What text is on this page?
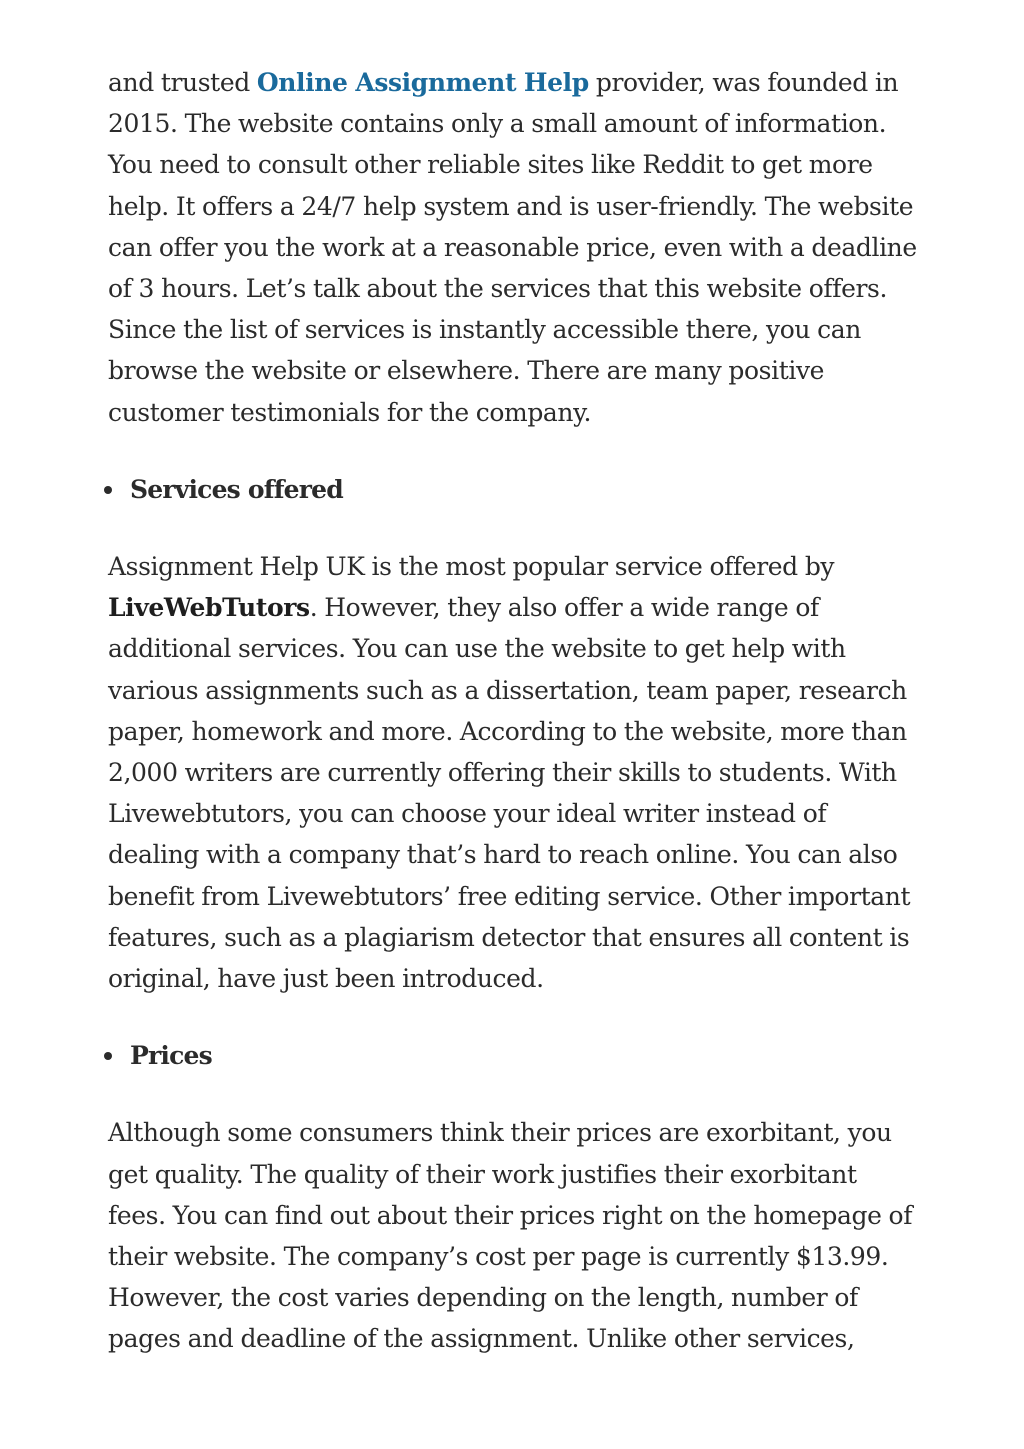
and trusted Online Assignment Help provider, was founded in 2015. The website contains only a small amount of information. You need to consult other reliable sites like Reddit to get more help. It offers a 24/7 help system and is user-friendly. The website can offer you the work at a reasonable price, even with a deadline of 3 hours. Let’s talk about the services that this website offers. Since the list of services is instantly accessible there, you can browse the website or elsewhere. There are many positive customer testimonials for the company.

Services offered

Assignment Help UK is the most popular service offered by LiveWebTutors. However, they also offer a wide range of additional services. You can use the website to get help with various assignments such as a dissertation, team paper, research paper, homework and more. According to the website, more than 2,000 writers are currently offering their skills to students. With Livewebtutors, you can choose your ideal writer instead of dealing with a company that’s hard to reach online. You can also benefit from Livewebtutors’ free editing service. Other important features, such as a plagiarism detector that ensures all content is original, have just been introduced.

Prices

Although some consumers think their prices are exorbitant, you get quality. The quality of their work justifies their exorbitant fees. You can find out about their prices right on the homepage of their website. The company’s cost per page is currently $13.99. However, the cost varies depending on the length, number of pages and deadline of the assignment. Unlike other services,
